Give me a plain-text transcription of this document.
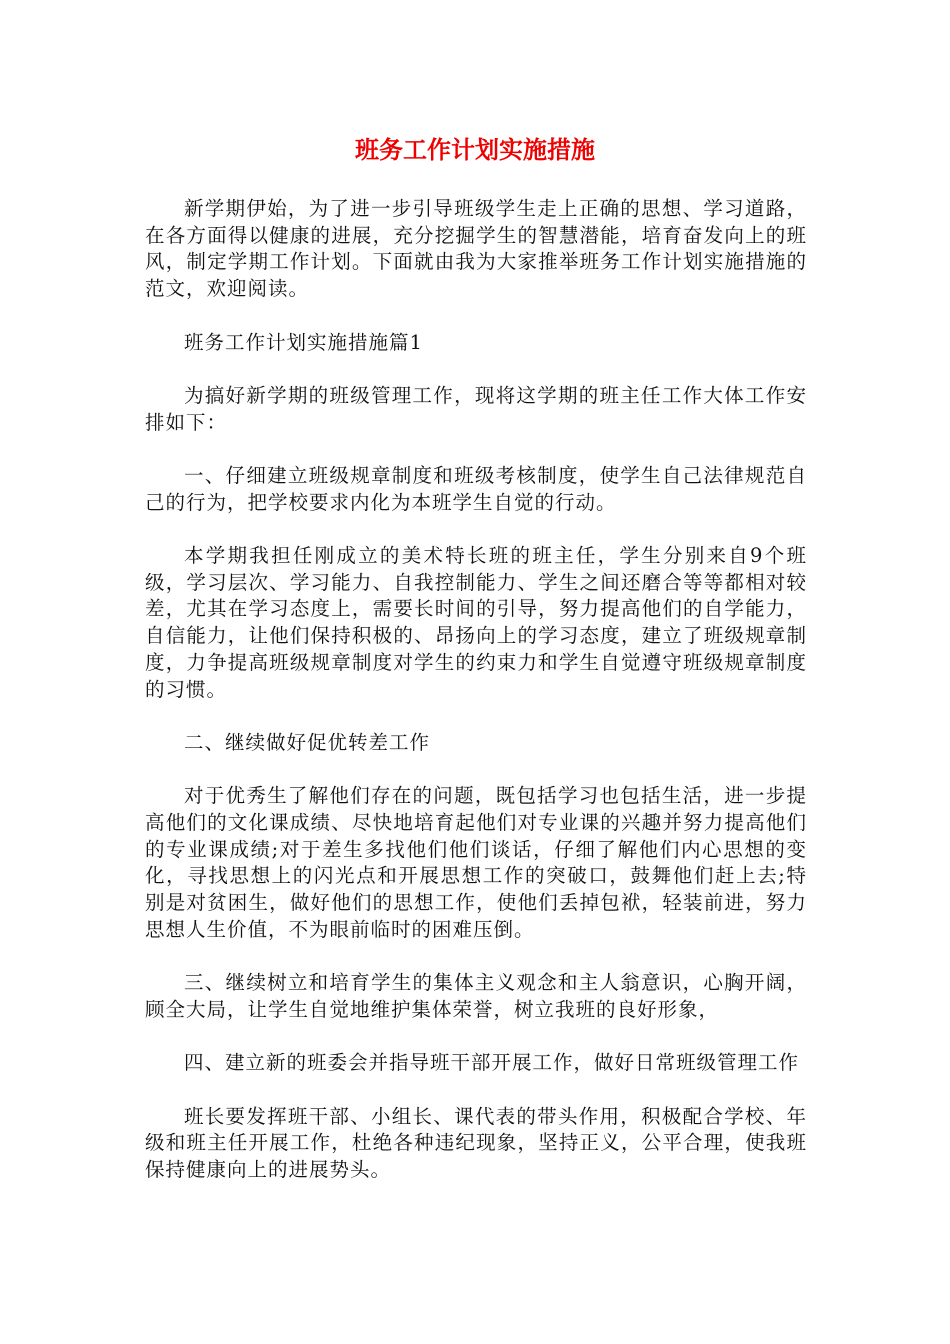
班务工作计划实施措施

新学期伊始，为了进一步引导班级学生走上正确的思想、学习道路，在各方面得以健康的进展，充分挖掘学生的智慧潜能，培育奋发向上的班风，制定学期工作计划。下面就由我为大家推举班务工作计划实施措施的范文，欢迎阅读。

班务工作计划实施措施篇1

为搞好新学期的班级管理工作，现将这学期的班主任工作大体工作安排如下：

一、仔细建立班级规章制度和班级考核制度，使学生自己法律规范自己的行为，把学校要求内化为本班学生自觉的行动。

本学期我担任刚成立的美术特长班的班主任，学生分别来自9个班级，学习层次、学习能力、自我控制能力、学生之间还磨合等等都相对较差，尤其在学习态度上，需要长时间的引导，努力提高他们的自学能力，自信能力，让他们保持积极的、昂扬向上的学习态度，建立了班级规章制度，力争提高班级规章制度对学生的约束力和学生自觉遵守班级规章制度的习惯。

二、继续做好促优转差工作

对于优秀生了解他们存在的问题，既包括学习也包括生活，进一步提高他们的文化课成绩、尽快地培育起他们对专业课的兴趣并努力提高他们的专业课成绩;对于差生多找他们他们谈话，仔细了解他们内心思想的变化，寻找思想上的闪光点和开展思想工作的突破口，鼓舞他们赶上去;特别是对贫困生，做好他们的思想工作，使他们丢掉包袱，轻装前进，努力思想人生价值，不为眼前临时的困难压倒。

三、继续树立和培育学生的集体主义观念和主人翁意识，心胸开阔，顾全大局，让学生自觉地维护集体荣誉，树立我班的良好形象，

四、建立新的班委会并指导班干部开展工作，做好日常班级管理工作

班长要发挥班干部、小组长、课代表的带头作用，积极配合学校、年级和班主任开展工作，杜绝各种违纪现象，坚持正义，公平合理，使我班保持健康向上的进展势头。
